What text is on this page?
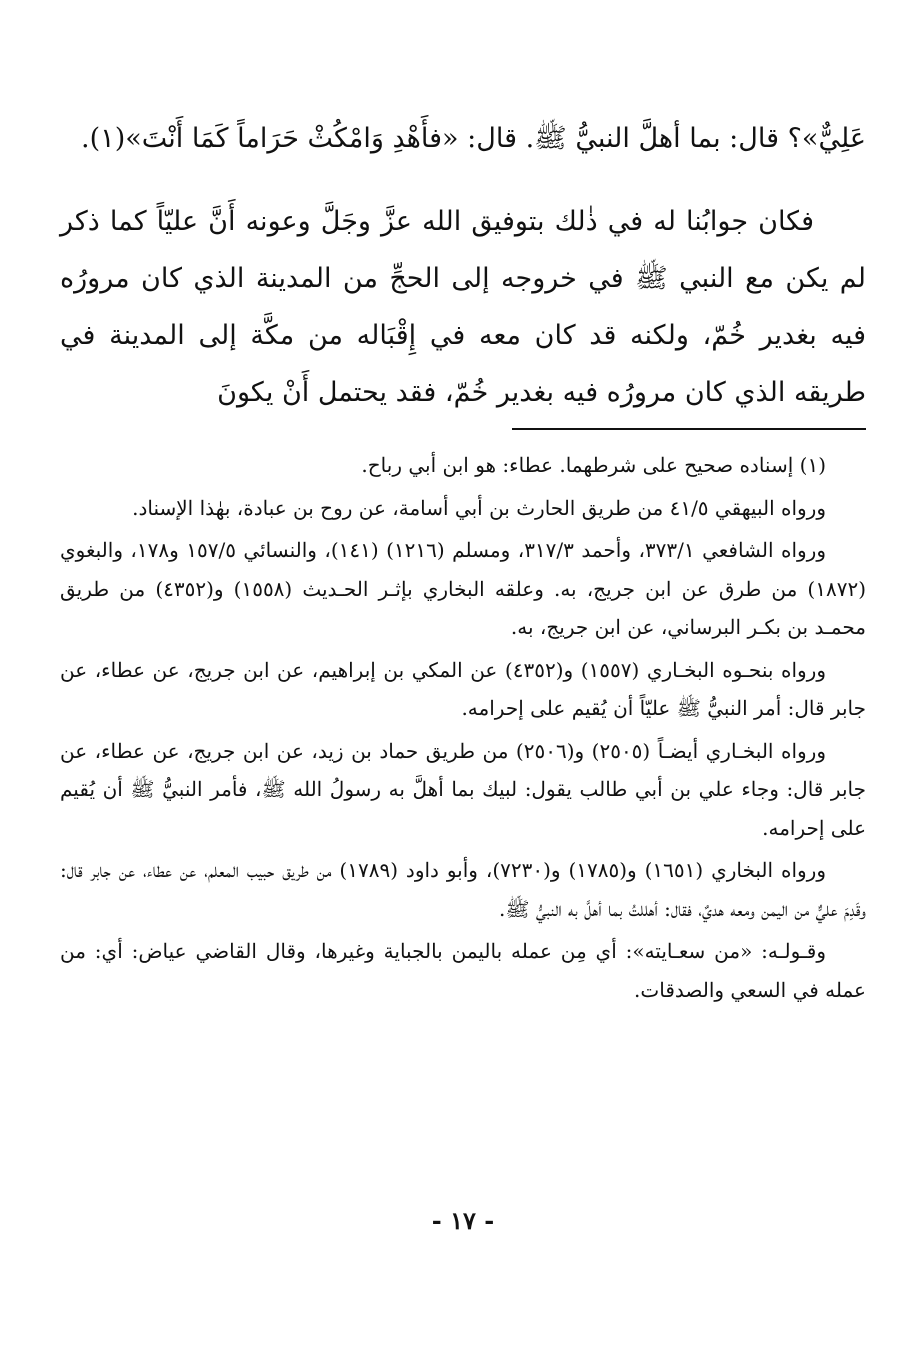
عَلِيٌّ»؟ قال: بما أهلَّ النبيُّ ﷺ. قال: «فأَهْدِ وَامْكُثْ حَرَاماً كَمَا أَنْتَ»(١).

فكان جوابُنا له في ذٰلك بتوفيق الله عزَّ وجَلَّ وعونه أَنَّ عليّاً كما ذكر لم يكن مع النبي ﷺ في خروجه إلى الحجِّ من المدينة الذي كان مرورُه فيه بغدير خُمّ، ولكنه قد كان معه في إِقْبَاله من مكَّة إلى المدينة في طريقه الذي كان مرورُه فيه بغدير خُمّ، فقد يحتمل أَنْ يكونَ

(١) إسناده صحيح على شرطهما. عطاء: هو ابن أبي رباح.

ورواه البيهقي ٤١/٥ من طريق الحارث بن أبي أسامة، عن روح بن عبادة، بهٰذا الإسناد.

ورواه الشافعي ٣٧٣/١، وأحمد ٣١٧/٣، ومسلم (١٢١٦) (١٤١)، والنسائي ١٥٧/٥ و١٧٨، والبغوي (١٨٧٢) من طرق عن ابن جريج، به. وعلقه البخاري بإثـر الحـديث (١٥٥٨) و(٤٣٥٢) من طريق محمـد بن بكـر البرساني، عن ابن جريج، به.

ورواه بنحـوه البخـاري (١٥٥٧) و(٤٣٥٢) عن المكي بن إبراهيم، عن ابن جريج، عن عطاء، عن جابر قال: أمر النبيُّ ﷺ عليّاً أن يُقيم على إحرامه.

ورواه البخـاري أيضـاً (٢٥٠٥) و(٢٥٠٦) من طريق حماد بن زيد، عن ابن جريج، عن عطاء، عن جابر قال: وجاء علي بن أبي طالب يقول: لبيك بما أهلَّ به رسولُ الله ﷺ، فأمر النبيُّ ﷺ أن يُقيم على إحرامه.

ورواه البخاري (١٦٥١) و(١٧٨٥) و(٧٢٣٠)، وأبو داود (١٧٨٩) من طريق حبيب المعلم، عن عطاء، عن جابر قال: وقَدِمَ عليٌّ من اليمن ومعه هديٌ، فقال: أهللتُ بما أهلَّ به النبيُّ ﷺ.

وقـولـه: «من سعـايته»: أي مِن عمله باليمن بالجباية وغيرها، وقال القاضي عياض: أي: من عمله في السعي والصدقات.

- ١٧ -
